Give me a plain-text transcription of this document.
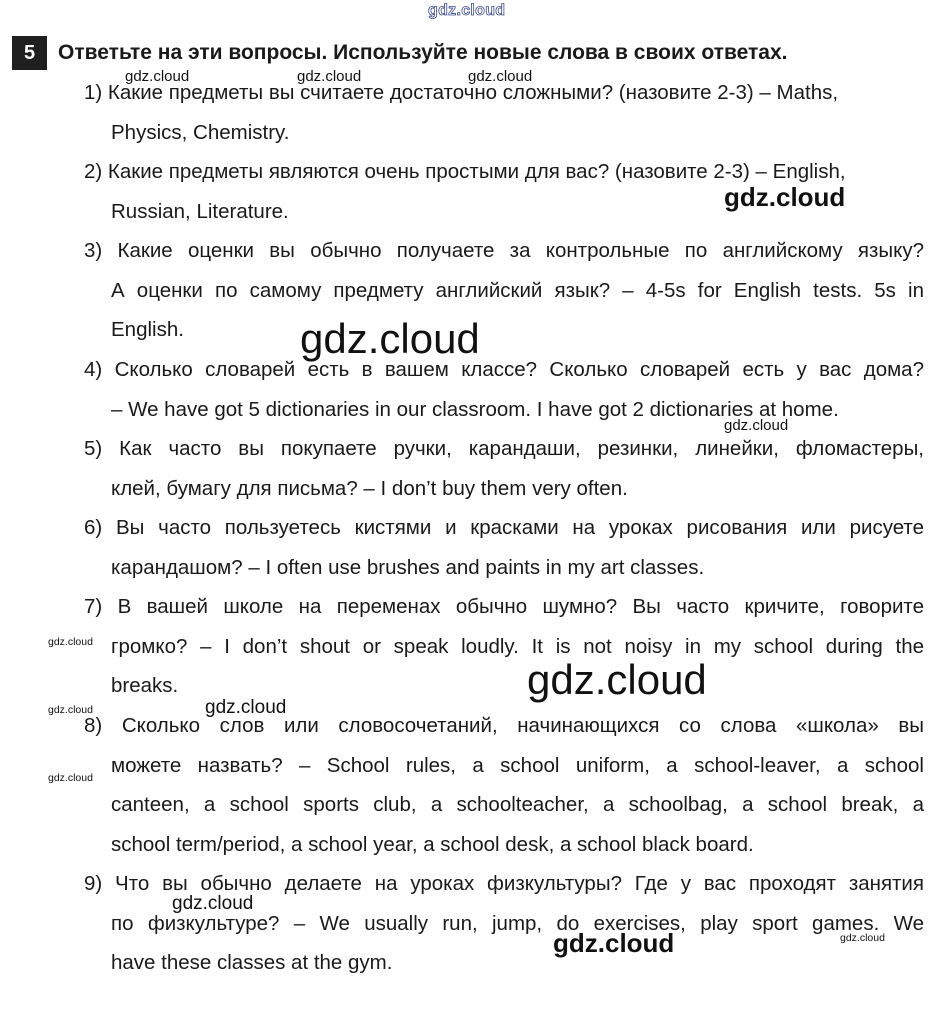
5	Ответьте на эти вопросы. Используйте новые слова в своих ответах.
1) Какие предметы вы считаете достаточно сложными? (назовите 2-3) – Maths,
Physics, Chemistry.
2) Какие предметы являются очень простыми для вас? (назовите 2-3) – English,
Russian, Literature.
3) Какие оценки вы обычно получаете за контрольные по английскому языку?
А оценки по самому предмету английский язык? – 4-5s for English tests. 5s in
English.
4) Сколько словарей есть в вашем классе? Сколько словарей есть у вас дома?
– We have got 5 dictionaries in our classroom. I have got 2 dictionaries at home.
5) Как часто вы покупаете ручки, карандаши, резинки, линейки, фломастеры,
клей, бумагу для письма? – I don’t buy them very often.
6) Вы часто пользуетесь кистями и красками на уроках рисования или рисуете
карандашом? – I often use brushes and paints in my art classes.
7) В вашей школе на переменах обычно шумно? Вы часто кричите, говорите
громко? – I don’t shout or speak loudly. It is not noisy in my school during the
breaks.
8) Сколько слов или словосочетаний, начинающихся со слова «школа» вы
можете назвать? – School rules, a school uniform, a school-leaver, a school
canteen, a school sports club, a schoolteacher, a schoolbag, a school break, a
school term/period, a school year, a school desk, a school black board.
9) Что вы обычно делаете на уроках физкультуры? Где у вас проходят занятия
по физкультуре? – We usually run, jump, do exercises, play sport games. We
have these classes at the gym.
gdz.cloud
gdz.cloud	gdz.cloud	gdz.cloud
gdz.cloud
gdz.cloud
gdz.cloud
gdz.cloud
gdz.cloud
gdz.cloud
gdz.cloud
gdz.cloud
gdz.cloud
gdz.cloud
gdz.cloud
